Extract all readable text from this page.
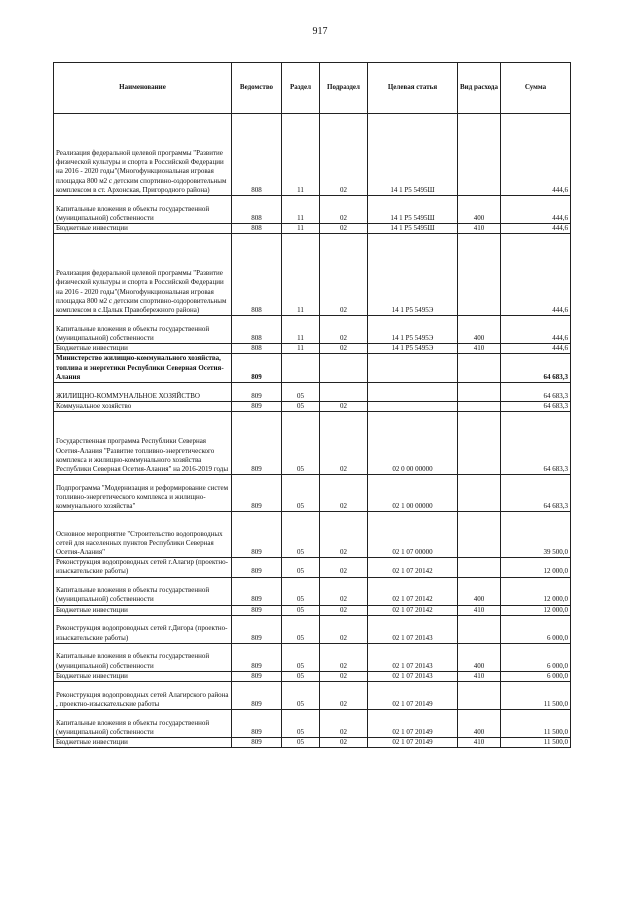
917
Наименование	Ведомство	Раздел	Подраздел	Целевая статья	Вид расхода	Сумма
Реализация федеральной целевой программы "Развитие физической культуры и спорта в Российской Федерации на 2016 - 2020 годы"(Многофункциональная игровая площадка 800 м2 с детским спортивно-оздоровительным комплексом в ст. Архонская, Пригородного района)	808	11	02	14 1 P5 5495Ш		444,6
Капитальные вложения в объекты государственной (муниципальной) собственности	808	11	02	14 1 P5 5495Ш	400	444,6
Бюджетные инвестиции	808	11	02	14 1 P5 5495Ш	410	444,6
Реализация федеральной целевой программы "Развитие физической культуры и спорта в Российской Федерации на 2016 - 2020 годы"(Многофункциональная игровая площадка 800 м2 с детским спортивно-оздоровительным комплексом в с.Цалык Правобережного района)	808	11	02	14 1 P5 5495Э		444,6
Капитальные вложения в объекты государственной (муниципальной) собственности	808	11	02	14 1 P5 5495Э	400	444,6
Бюджетные инвестиции	808	11	02	14 1 P5 5495Э	410	444,6
Министерство жилищно-коммунального хозяйства, топлива и энергетики Республики Северная Осетия-Алания	809					64 683,3
ЖИЛИЩНО-КОММУНАЛЬНОЕ ХОЗЯЙСТВО	809	05				64 683,3
Коммунальное хозяйство	809	05	02			64 683,3
Государственная программа Республики Северная Осетия-Алания "Развитие топливно-энергетического комплекса и жилищно-коммунального хозяйства Республики Северная Осетия-Алания" на 2016-2019 годы	809	05	02	02 0 00 00000		64 683,3
Подпрограмма "Модернизация и реформирование систем топливно-энергетического комплекса и жилищно-коммунального хозяйства"	809	05	02	02 1 00 00000		64 683,3
Основное мероприятие "Строительство водопроводных сетей для населенных пунктов Республики Северная Осетия-Алания"	809	05	02	02 1 07 00000		39 500,0
Реконструкция водопроводных сетей г.Алагир (проектно-изыскательские работы)	809	05	02	02 1 07 20142		12 000,0
Капитальные вложения в объекты государственной (муниципальной) собственности	809	05	02	02 1 07 20142	400	12 000,0
Бюджетные инвестиции	809	05	02	02 1 07 20142	410	12 000,0
Реконструкция водопроводных сетей г.Дигора (проектно-изыскательские работы)	809	05	02	02 1 07 20143		6 000,0
Капитальные вложения в объекты государственной (муниципальной) собственности	809	05	02	02 1 07 20143	400	6 000,0
Бюджетные инвестиции	809	05	02	02 1 07 20143	410	6 000,0
Реконструкция водопроводных сетей Алагирского района , проектно-изыскательские работы	809	05	02	02 1 07 20149		11 500,0
Капитальные вложения в объекты государственной (муниципальной) собственности	809	05	02	02 1 07 20149	400	11 500,0
Бюджетные инвестиции	809	05	02	02 1 07 20149	410	11 500,0
